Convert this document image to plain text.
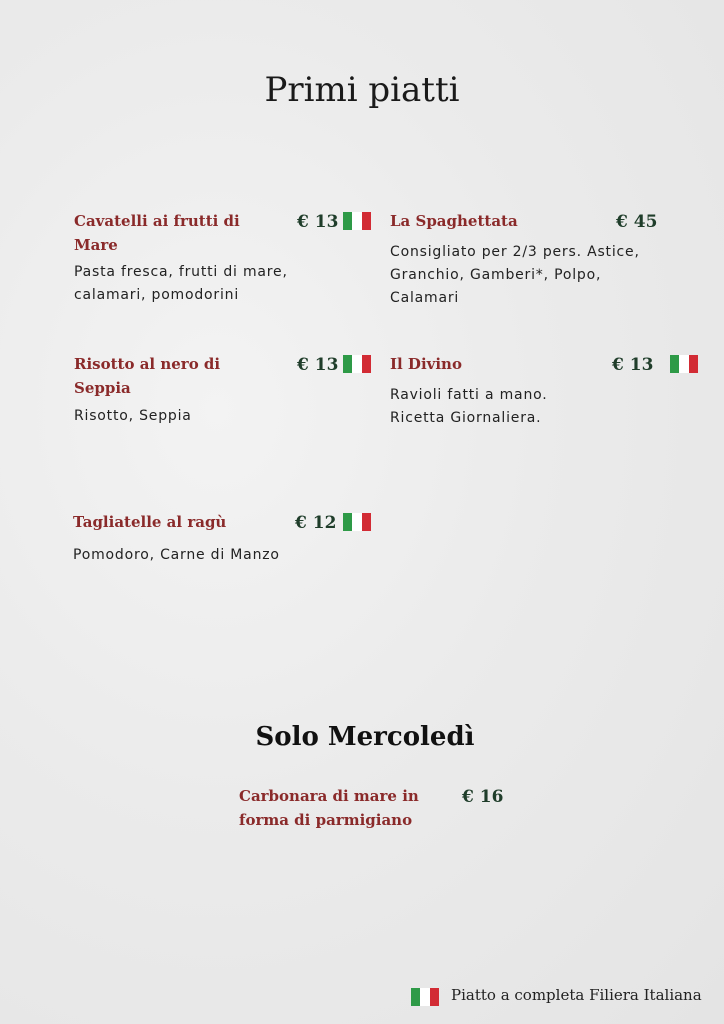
Primi piatti
Cavatelli ai frutti di Mare
€ 13
Pasta fresca, frutti di mare, calamari, pomodorini
La Spaghettata	€ 45
Consigliato per 2/3 pers. Astice, Granchio, Gamberi*, Polpo, Calamari
Risotto al nero di Seppia
€ 13
Risotto, Seppia
Il Divino	€ 13
Ravioli fatti a mano. Ricetta Giornaliera.
Tagliatelle al ragù	€ 12
Pomodoro, Carne di Manzo
Solo Mercoledì
Carbonara di mare in forma di parmigiano
€ 16
Piatto a completa Filiera Italiana
